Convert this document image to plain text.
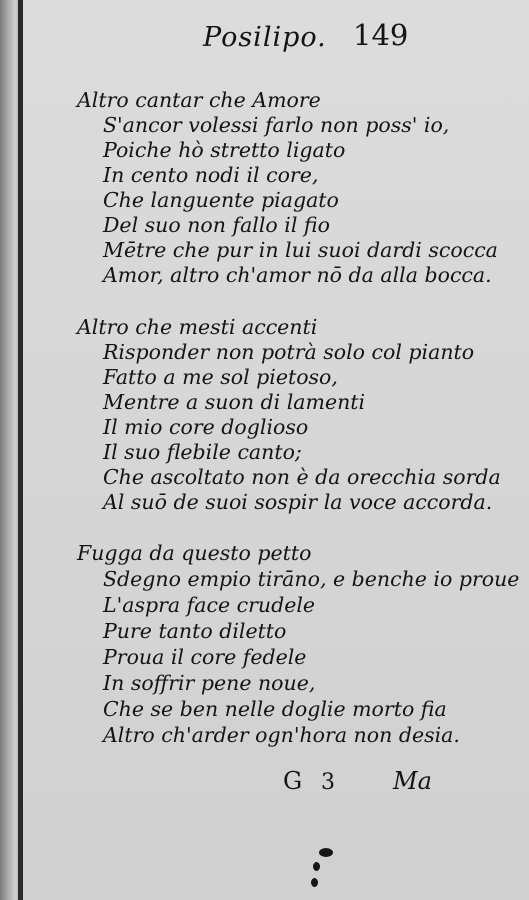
Posilipo. 149
Altro cantar che Amore
S'ancor volessi farlo non poss' io,
Poiche hò stretto ligato
In cento nodi il core,
Che languente piagato
Del suo non fallo il fio
Mētre che pur in lui suoi dardi scocca
Amor, altro ch'amor nō da alla bocca.
Altro che mesti accenti
Risponder non potrà solo col pianto
Fatto a me sol pietoso,
Mentre a suon di lamenti
Il mio core doglioso
Il suo flebile canto;
Che ascoltato non è da orecchia sorda
Al suō de suoi sospir la voce accorda.
Fugga da questo petto
Sdegno empio tirāno, e benche io proue
L'aspra face crudele
Pure tanto diletto
Proua il core fedele
In soffrir pene noue,
Che se ben nelle doglie morto fia
Altro ch'arder ogn'hora non desia.
G 3 Ma
